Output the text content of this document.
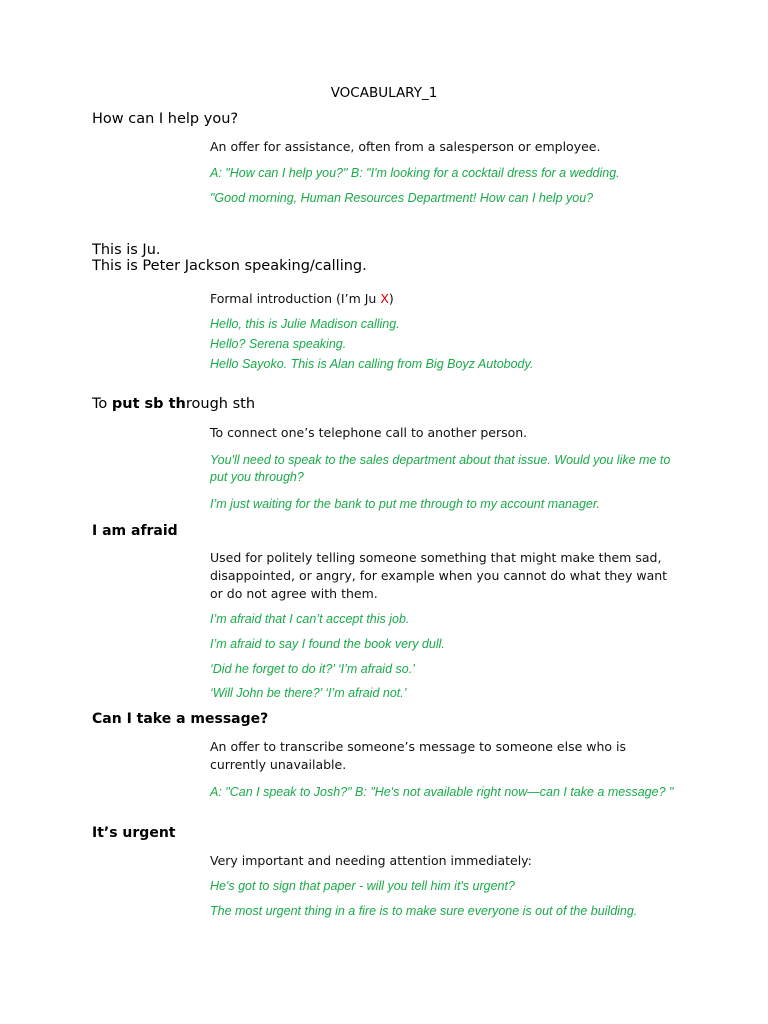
VOCABULARY_1
How can I help you?
An offer for assistance, often from a salesperson or employee.
A: "How can I help you?" B: "I'm looking for a cocktail dress for a wedding.
"Good morning, Human Resources Department! How can I help you?
This is Ju.
This is Peter Jackson speaking/calling.
Formal introduction (I’m Ju X)
Hello, this is Julie Madison calling.
Hello? Serena speaking.
Hello Sayoko. This is Alan calling from Big Boyz Autobody.
To put sb through sth
To connect one’s telephone call to another person.
You'll need to speak to the sales department about that issue. Would you like me to put you through?
I’m just waiting for the bank to put me through to my account manager.
I am afraid
Used for politely telling someone something that might make them sad, disappointed, or angry, for example when you cannot do what they want or do not agree with them.
I’m afraid that I can’t accept this job.
I’m afraid to say I found the book very dull.
‘Did he forget to do it?’ ‘I’m afraid so.’
‘Will John be there?’ ‘I’m afraid not.’
Can I take a message?
An offer to transcribe someone’s message to someone else who is currently unavailable.
A: "Can I speak to Josh?" B: "He's not available right now—can I take a message? "
It’s urgent
Very important and needing attention immediately:
He's got to sign that paper - will you tell him it's urgent?
The most urgent thing in a fire is to make sure everyone is out of the building.
